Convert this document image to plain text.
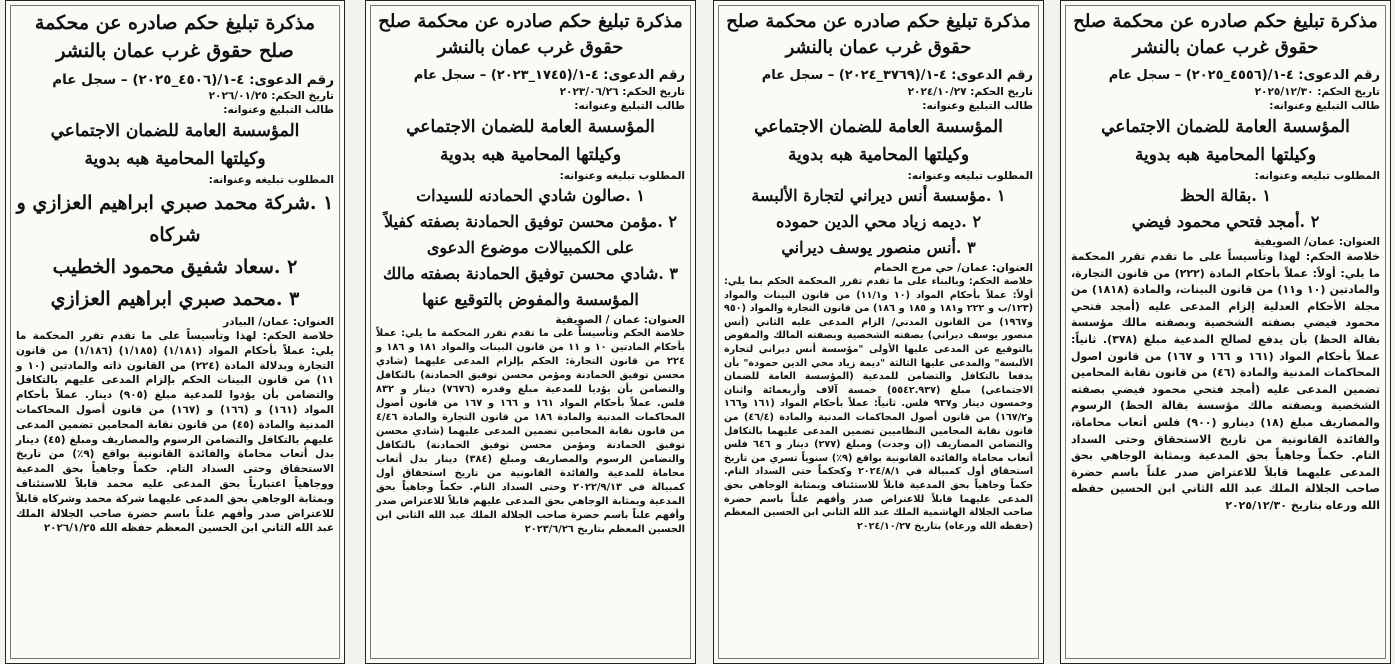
مذكرة تبليغ حكم صادره عن محكمة صلح حقوق غرب عمان بالنشر
رقم الدعوى: ٤-١/(٤٥٥٦_٢٠٢٥) – سجل عام
تاريخ الحكم: ٢٠٢٥/١٢/٣٠
طالب التبليغ وعنوانه:
المؤسسة العامة للضمان الاجتماعي
وكيلتها المحامية هبه بدوية
المطلوب تبليغه وعنوانه:
١ .بقالة الحظ
٢ .أمجد فتحي محمود فيضي
العنوان: عمان/ الصويفية
خلاصة الحكم: لهذا وتأسيساً على ما تقدم تقرر المحكمة ما يلي: أولاً: عملاً بأحكام المادة (٢٢٢) من قانون التجارة، والمادتين (١٠ و١١) من قانون البينات، والمادة (١٨١٨) من مجلة الأحكام العدلية إلزام المدعى عليه (أمجد فتحي محمود فيضي بصفته الشخصية وبصفته مالك مؤسسة بقالة الحظ) بأن يدفع لصالح المدعية مبلغ (٣٧٨). ثانياً: عملاً بأحكام المواد (١٦١ و ١٦٦ و ١٦٧) من قانون اصول المحاكمات المدنية والمادة (٤٦) من قانون نقابة المحامين تضمين المدعى عليه (أمجد فتحي محمود فيضي بصفته الشخصية وبصفته مالك مؤسسة بقالة الحظ) الرسوم والمصاريف مبلغ (١٨) دينارو (٩٠٠) فلس أتعاب محاماة، والفائدة القانونية من تاريخ الاستحقاق وحتى السداد التام. حكماً وجاهياً بحق المدعية وبمثابة الوجاهي بحق المدعى عليهما قابلاً للاعتراض صدر علناً باسم حضرة صاحب الجلالة الملك عبد الله الثاني ابن الحسين حفظه الله ورعاه بتاريخ ٢٠٢٥/١٢/٣٠
مذكرة تبليغ حكم صادره عن محكمة صلح حقوق غرب عمان بالنشر
رقم الدعوى: ٤-١/(٣٧٦٩_٢٠٢٤) – سجل عام
تاريخ الحكم: ٢٠٢٤/١٠/٢٧
طالب التبليغ وعنوانه:
المؤسسة العامة للضمان الاجتماعي
وكيلتها المحامية هبه بدوية
المطلوب تبليغه وعنوانه:
١ .مؤسسة أنس ديراني لتجارة الألبسة
٢ .ديمه زياد محي الدين حموده
٣ .أنس منصور يوسف ديراني
العنوان: عمان/ حي مرج الحمام
خلاصة الحكم: وبالبناء على ما تقدم تقرر المحكمة الحكم بما يلي: أولاً: عملاً بأحكام المواد (١٠ و١١/١) من قانون البينات والمواد (١٢٣/ب و ٢٢٢ و١٨١ و ١٨٥ و ١٨٦) من قانون التجارة والمواد (٩٥٠ و١٩٦٧) من القانون المدني/ الزام المدعى عليه الثاني (أنس منصور يوسف ديراني) بصفته الشخصية وبصفته المالك والمفوض بالتوقيع عن المدعى عليها الأولى "مؤسسة أنس ديراني لتجارة الألبسة" والمدعى عليها الثالثة "ديمة زياد محي الدين حمودة" بأن يدفعا بالتكافل والتضامن للمدعية (المؤسسة العامة للضمان الاجتماعي) مبلغ (٥٥٤٢.٩٣٧) خمسة آلاف وأربعمائة واثنان وخمسون دينار و٩٣٧ فلس. ثانياً: عملاً بأحكام المواد (١٦١ و١٦٦ و١٦٧/٢) من قانون أصول المحاكمات المدنية والمادة (٤٦/٤) من قانون نقابة المحامين النظاميين تضمين المدعى عليهما بالتكافل والتضامن المصاريف (إن وجدت) ومبلغ (٢٧٧) دينار و ٦٤٦ فلس أتعاب محاماة والفائدة القانونية بواقع (٩٪) سنوياً تسري من تاريخ استحقاق أول كمبيالة في ٢٠٢٤/٨/١ وكحكماً حتى السداد التام. حكماً وجاهياً بحق المدعية قابلاً للاستئناف وبمثابة الوجاهي بحق المدعى عليهما قابلاً للاعتراض صدر وأفهم علناً باسم حضرة صاحب الجلالة الهاشمية الملك عبد الله الثاني ابن الحسين المعظم (حفظه الله ورعاه) بتاريخ ٢٠٢٤/١٠/٢٧
مذكرة تبليغ حكم صادره عن محكمة صلح حقوق غرب عمان بالنشر
رقم الدعوى: ٤-١/(١٧٤٥_٢٠٢٣) – سجل عام
تاريخ الحكم: ٢٠٢٣/٠٦/٢٦
طالب التبليغ وعنوانه:
المؤسسة العامة للضمان الاجتماعي
وكيلتها المحامية هبه بدوية
المطلوب تبليغه وعنوانه:
١ .صالون شادي الحمادنه للسيدات
٢ .مؤمن محسن توفيق الحمادنة بصفته كفيلاً على الكمبيالات موضوع الدعوى
٣ .شادي محسن توفيق الحمادنة بصفته مالك المؤسسة والمفوض بالتوقيع عنها
العنوان: عمان / الصويفية
خلاصة الحكم وتأسيساً على ما تقدم تقرر المحكمة ما يلي: عملاً بأحكام المادتين ١٠ و ١١ من قانون البينات والمواد ١٨١ و ١٨٦ و ٢٢٤ من قانون التجارة: الحكم بإلزام المدعى عليهما (شادي محسن توفيق الحمادنة ومؤمن محسن توفيق الحمادنة) بالتكافل والتضامن بأن يؤديا للمدعية مبلغ وقدره (٧٦٧٦) دينار و ٨٣٢ فلس. عملاً بأحكام المواد ١٦١ و ١٦٦ و ١٦٧ من قانون أصول المحاكمات المدنية والمادة ١٨٦ من قانون التجارة والمادة ٤/٤٦ من قانون نقابة المحامين تضمين المدعى عليهما (شادي محسن توفيق الحمادنة ومؤمن محسن توفيق الحمادنة) بالتكافل والتضامن الرسوم والمصاريف ومبلغ (٣٨٤) دينار بدل أتعاب محاماة للمدعية والفائدة القانونية من تاريخ استحقاق أول كمبيالة في ٢٠٢٢/٩/١٣ وحتى السداد التام. حكماً وجاهياً بحق المدعية وبمثابة الوجاهي بحق المدعى عليهم قابلاً للاعتراض صدر وأفهم علناً باسم حضرة صاحب الجلالة الملك عبد الله الثاني ابن الحسين المعظم بتاريخ ٢٠٢٣/٦/٢٦
مذكرة تبليغ حكم صادره عن محكمة صلح حقوق غرب عمان بالنشر
رقم الدعوى: ٤-١/(٤٥٠٦_٢٠٢٥) – سجل عام
تاريخ الحكم: ٢٠٢٦/٠١/٢٥
طالب التبليغ وعنوانه:
المؤسسة العامة للضمان الاجتماعي
وكيلتها المحامية هبه بدوية
المطلوب تبليغه وعنوانه:
١ .شركة محمد صبري ابراهيم العزازي و شركاه
٢ .سعاد شفيق محمود الخطيب
٣ .محمد صبري ابراهيم العزازي
العنوان: عمان/ البيادر
خلاصة الحكم: لهذا وتأسيساً على ما تقدم تقرر المحكمة ما يلي: عملاً بأحكام المواد (١/١٨١) (١/١٨٥) (١/١٨٦) من قانون التجارة وبدلالة المادة (٢٢٤) من القانون ذاته والمادتين (١٠ و ١١) من قانون البينات الحكم بإلزام المدعى عليهم بالتكافل والتضامن بأن يؤدوا للمدعية مبلغ (٩٠٥) دينار. عملاً بأحكام المواد (١٦١) و (١٦٦) و (١٦٧) من قانون أصول المحاكمات المدنية والمادة (٤٥) من قانون نقابة المحامين تضمين المدعى عليهم بالتكافل والتضامن الرسوم والمصاريف ومبلغ (٤٥) دينار بدل أتعاب محاماة والفائدة القانونية بواقع (٩٪) من تاريخ الاستحقاق وحتى السداد التام. حكماً وجاهياً بحق المدعية ووجاهياً اعتبارياً بحق المدعى عليه محمد قابلاً للاستئناف وبمثابة الوجاهي بحق المدعى عليهما شركة محمد وشركاه قابلاً للاعتراض صدر وأفهم علناً باسم حضرة صاحب الجلالة الملك عبد الله الثاني ابن الحسين المعظم حفظه الله ٢٠٢٦/١/٢٥
